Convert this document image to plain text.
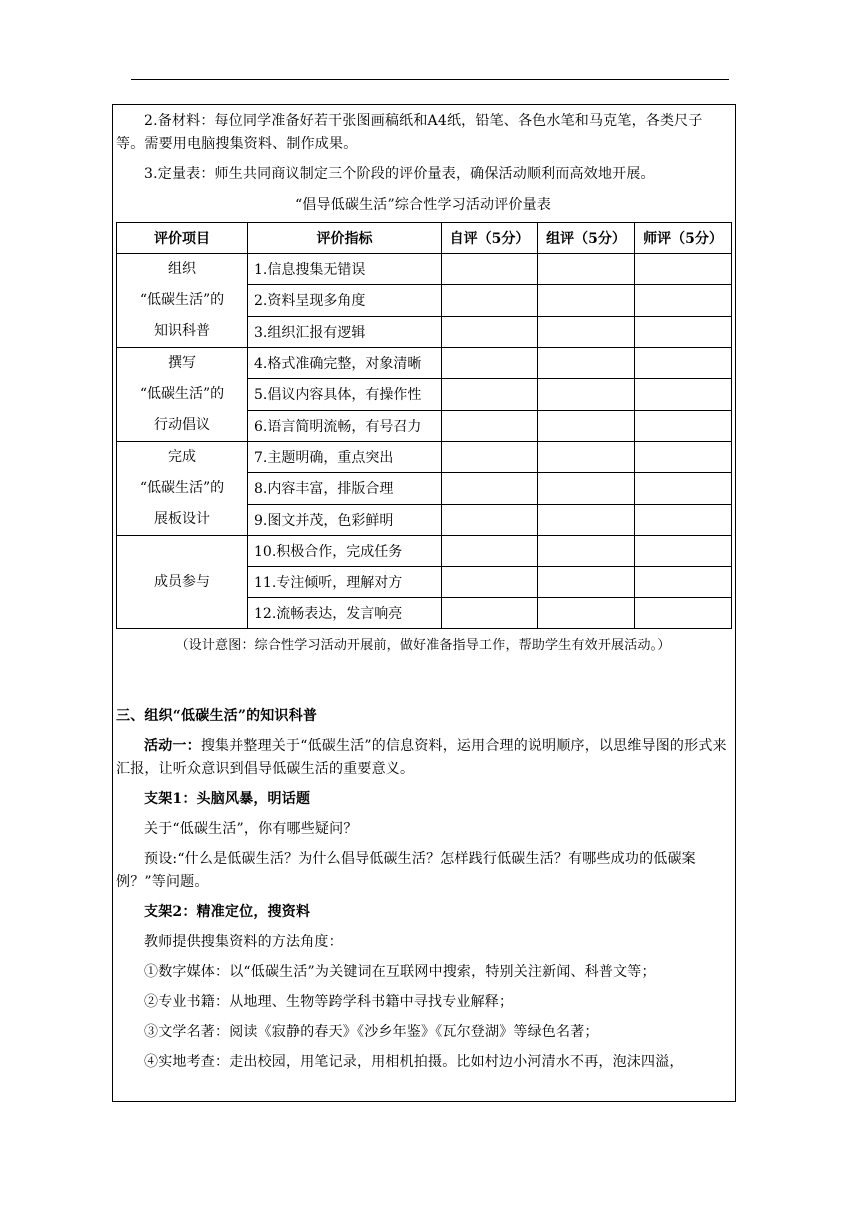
2.备材料：每位同学准备好若干张图画稿纸和A4纸，铅笔、各色水笔和马克笔，各类尺子等。需要用电脑搜集资料、制作成果。

3.定量表：师生共同商议制定三个阶段的评价量表，确保活动顺利而高效地开展。

“倡导低碳生活”综合性学习活动评价量表

评价项目	评价指标	自评（5分）	组评（5分）	师评（5分）
组织
“低碳生活”的
知识科普	1.信息搜集无错误			
	2.资料呈现多角度			
	3.组织汇报有逻辑			
撰写
“低碳生活”的
行动倡议	4.格式准确完整，对象清晰			
	5.倡议内容具体，有操作性			
	6.语言简明流畅，有号召力			
完成
“低碳生活”的
展板设计	7.主题明确，重点突出			
	8.内容丰富，排版合理			
	9.图文并茂，色彩鲜明			
成员参与	10.积极合作，完成任务			
	11.专注倾听，理解对方			
	12.流畅表达，发言响亮			

（设计意图：综合性学习活动开展前，做好准备指导工作，帮助学生有效开展活动。）

三、组织“低碳生活”的知识科普

活动一：搜集并整理关于“低碳生活”的信息资料，运用合理的说明顺序，以思维导图的形式来汇报，让听众意识到倡导低碳生活的重要意义。

支架1：头脑风暴，明话题

关于“低碳生活”，你有哪些疑问？

预设:“什么是低碳生活？为什么倡导低碳生活？怎样践行低碳生活？有哪些成功的低碳案例？”等问题。

支架2：精准定位，搜资料

教师提供搜集资料的方法角度：

①数字媒体：以“低碳生活”为关键词在互联网中搜索，特别关注新闻、科普文等；

②专业书籍：从地理、生物等跨学科书籍中寻找专业解释；

③文学名著：阅读《寂静的春天》《沙乡年鉴》《瓦尔登湖》等绿色名著；

④实地考查：走出校园，用笔记录，用相机拍摄。比如村边小河清水不再，泡沫四溢，
